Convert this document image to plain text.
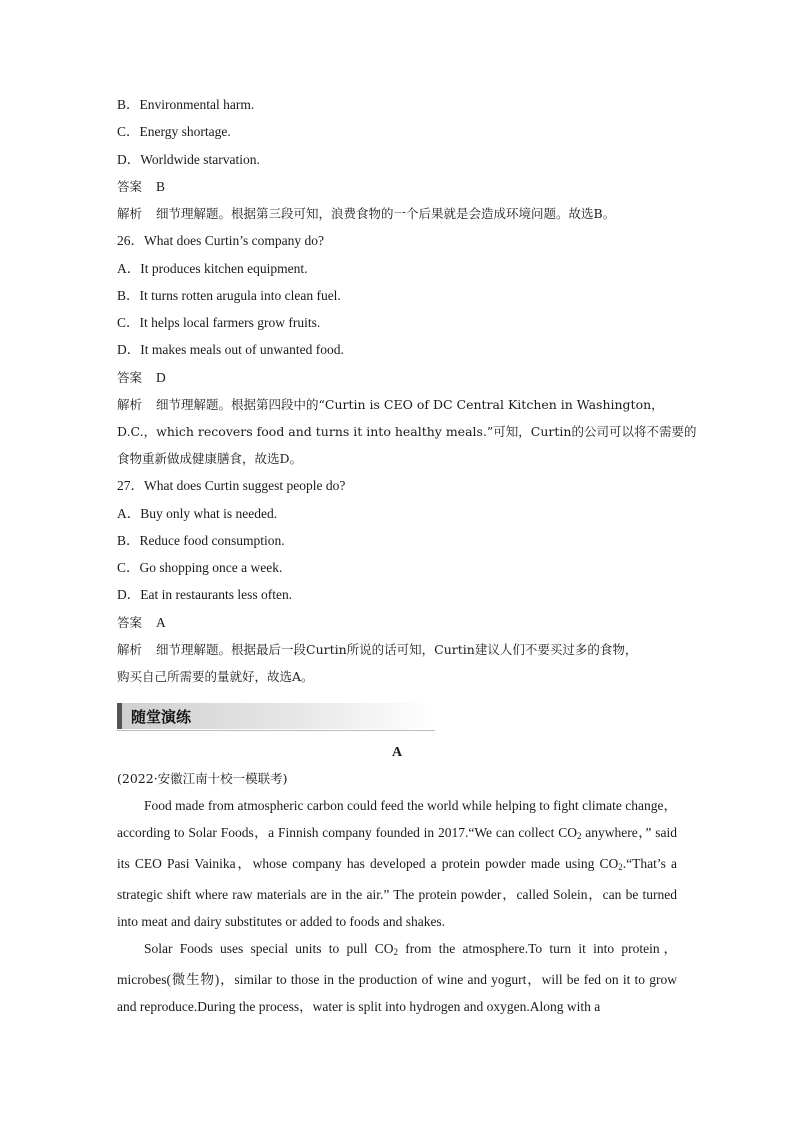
B．Environmental harm.
C．Energy shortage.
D．Worldwide starvation.
答案 B
解析 细节理解题。根据第三段可知，浪费食物的一个后果就是会造成环境问题。故选B。
26．What does Curtin’s company do?
A．It produces kitchen equipment.
B．It turns rotten arugula into clean fuel.
C．It helps local farmers grow fruits.
D．It makes meals out of unwanted food.
答案 D
解析 细节理解题。根据第四段中的“Curtin is CEO of DC Central Kitchen in Washington，
D.C.，which recovers food and turns it into healthy meals.”可知，Curtin的公司可以将不需要的
食物重新做成健康膳食，故选D。
27．What does Curtin suggest people do?
A．Buy only what is needed.
B．Reduce food consumption.
C．Go shopping once a week.
D．Eat in restaurants less often.
答案 A
解析 细节理解题。根据最后一段Curtin所说的话可知，Curtin建议人们不要买过多的食物，
购买自己所需要的量就好，故选A。
随堂演练
A
(2022·安徽江南十校一模联考)

Food made from atmospheric carbon could feed the world while helping to fight climate change，according to Solar Foods，a Finnish company founded in 2017.“We can collect $CO_2$ anywhere，” said its CEO Pasi Vainika，whose company has developed a protein powder made using $CO_2.“That’s$ a strategic shift where raw materials are in the air.” The protein powder，called Solein，can be turned into meat and dairy substitutes or added to foods and shakes.

Solar Foods uses special units to pull $CO_2$ from the atmosphere.To turn it into protein，microbes(微生物)，similar to those in the production of wine and yogurt，will be fed on it to grow and reproduce.During the process，water is split into hydrogen and oxygen.Along with a
